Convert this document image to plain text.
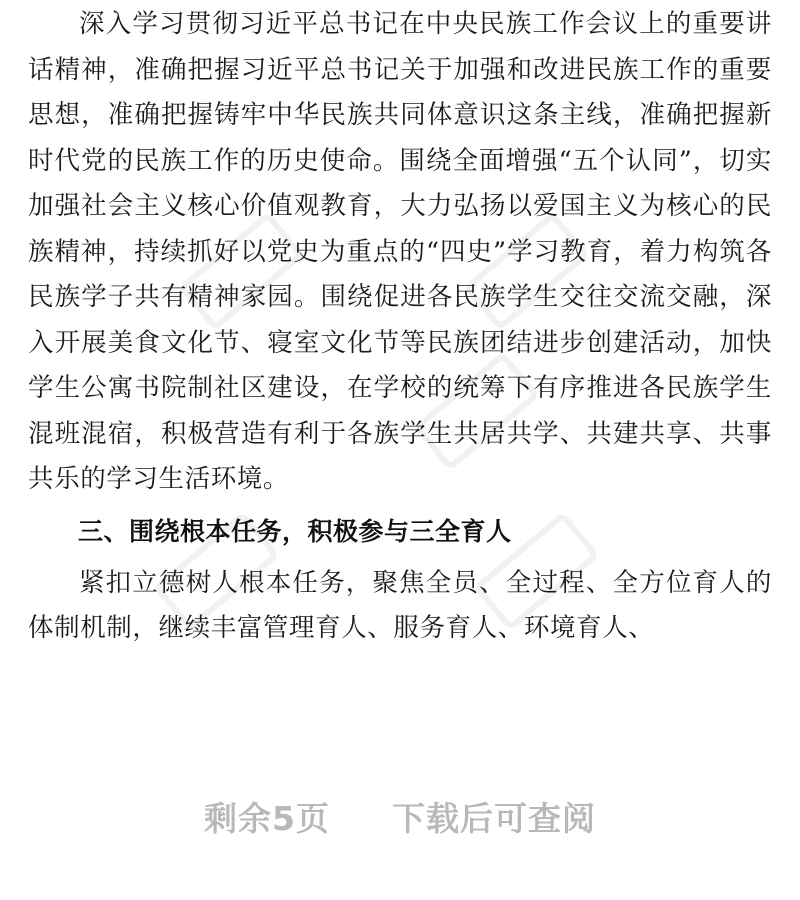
深入学习贯彻习近平总书记在中央民族工作会议上的重要讲话精神，准确把握习近平总书记关于加强和改进民族工作的重要思想，准确把握铸牢中华民族共同体意识这条主线，准确把握新时代党的民族工作的历史使命。围绕全面增强“五个认同”，切实加强社会主义核心价值观教育，大力弘扬以爱国主义为核心的民族精神，持续抓好以党史为重点的“四史”学习教育，着力构筑各民族学子共有精神家园。围绕促进各民族学生交往交流交融，深入开展美食文化节、寝室文化节等民族团结进步创建活动，加快学生公寓书院制社区建设，在学校的统筹下有序推进各民族学生混班混宿，积极营造有利于各族学生共居共学、共建共享、共事共乐的学习生活环境。

三、围绕根本任务，积极参与三全育人

紧扣立德树人根本任务，聚焦全员、全过程、全方位育人的体制机制，继续丰富管理育人、服务育人、环境育人、

剩余5页 下载后可查阅
